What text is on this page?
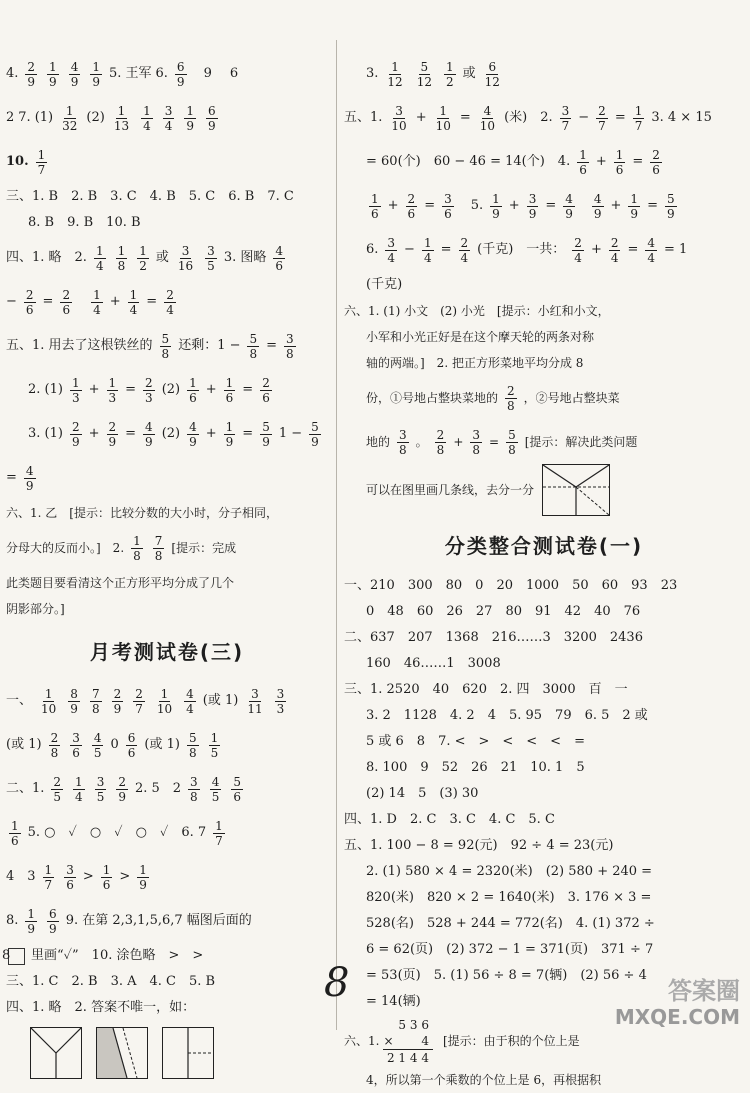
4. $\frac{2}{9} \frac{1}{9} \frac{4}{9} \frac{1}{9} 5$. 王军 6. $\frac{6}{9} 9$ 6
2 7. $(1) \frac{1}{32} (2) \frac{1}{13} \frac{1}{4} \frac{3}{4} \frac{1}{9} \frac{6}{9}$
10. $\frac{1}{7}$
三、1. B　2. B　3. C　4. B　5. C　6. B　7. C
8. B　9. B　10. B
四、1. 略　2. $\frac{1}{4} \frac{1}{8} \frac{1}{2}$ 或 $\frac{3}{16} \frac{3}{5} 3$. 图略 $\frac{4}{6}$
− $\frac{2}{6} = \frac{2}{6} \frac{1}{4} + \frac{1}{4} = \frac{2}{4}$
五、1. 用去了这根铁丝的 $\frac{5}{8}$ 还剩：$1 - \frac{5}{8} = \frac{3}{8}$
2. $(1) \frac{1}{3} + \frac{1}{3} = \frac{2}{3} (2) \frac{1}{6} + \frac{1}{6} = \frac{2}{6}$
3. $(1) \frac{2}{9} + \frac{2}{9} = \frac{4}{9} (2) \frac{4}{9} + \frac{1}{9} = \frac{5}{9} 1 - \frac{5}{9}$
= $\frac{4}{9}$
六、1. 乙　[提示：比较分数的大小时，分子相同，
分母大的反而小。]　2. $\frac{1}{8} \frac{7}{8}$ [提示：完成
此类题目要看清这个正方形平均分成了几个
阴影部分。]
月考测试卷(三)
一、 $\frac{1}{10} \frac{8}{9} \frac{7}{8} \frac{2}{9} \frac{2}{7} \frac{1}{10} \frac{4}{4}$ (或 $1) \frac{3}{11} \frac{3}{3}$
(或 $1) \frac{2}{8} \frac{3}{6} \frac{4}{5} 0 \frac{6}{6}$ (或 $1) \frac{5}{8} \frac{1}{5}$
二、1. $\frac{2}{5} \frac{1}{4} \frac{3}{5} \frac{2}{9} 2$. 5　$2 \frac{3}{8} \frac{4}{5} \frac{5}{6}$
$\frac{1}{6} 5$. ○　✓　○　✓　○　✓　6. $7 \frac{1}{7}$
4　$3 \frac{1}{7} \frac{3}{6} > \frac{1}{6} > \frac{1}{9}$
8. $\frac{1}{9} \frac{6}{9} 9$. 在第 2,3,1,5,6,7 幅图后面的
里画“✓”　10. 涂色略　>　>
三、1. C　2. B　3. A　4. C　5. B
四、1. 略　2. 答案不唯一，如：
3. $\frac{1}{12} \frac{5}{12} \frac{1}{2}$ 或 $\frac{6}{12}$
五、1. $\frac{3}{10} + \frac{1}{10} = \frac{4}{10}$ (米)　2. $\frac{3}{7} - \frac{2}{7} = \frac{1}{7} 3$. 4 × 15
= 60(个)　60 − 46 = 14(个)　4. $\frac{1}{6} + \frac{1}{6} = \frac{2}{6}$
$\frac{1}{6} + \frac{2}{6} = \frac{3}{6} 5$. $\frac{1}{9} + \frac{3}{9} = \frac{4}{9} \frac{4}{9} + \frac{1}{9} = \frac{5}{9}$
6. $\frac{3}{4} - \frac{1}{4} = \frac{2}{4}$ (千克)　一共： $\frac{2}{4} + \frac{2}{4} = \frac{4}{4} = 1$
(千克)
六、1. (1) 小文　(2) 小光　[提示：小红和小文，
小军和小光正好是在这个摩天轮的两条对称
轴的两端。]　2. 把正方形菜地平均分成 8
份，①号地占整块菜地的 $\frac{2}{8}$ ，②号地占整块菜
地的 $\frac{3}{8}$ 。 $\frac{2}{8} + \frac{3}{8} = \frac{5}{8}$ [提示：解决此类问题
可以在图里画几条线，去分一分
分类整合测试卷(一)
一、210　300　80　0　20　1000　50　60　93　23
0　48　60　26　27　80　91　42　40　76
二、637　207　1368　216……3　3200　2436
160　46……1　3008
三、1. 2520　40　620　2. 四　3000　百　一
3. 2　1128　4. 2　4　5. 95　79　6. 5　2 或
5 或 6　8　7. <　>　<　<　<　=
8. 100　9　52　26　21　10. 1　5
(2) 14　5　(3) 30
四、1. D　2. C　3. C　4. C　5. C
五、1. 100 − 8 = 92(元)　92 ÷ 4 = 23(元)
2. (1) 580 × 4 = 2320(米)　(2) 580 + 240 =
820(米)　820 × 2 = 1640(米)　3. 176 × 3 =
528(名)　528 + 244 = 772(名)　4. (1) 372 ÷
6 = 62(页)　(2) 372 − 1 = 371(页)　371 ÷ 7
= 53(页)　5. (1) 56 ÷ 8 = 7(辆)　(2) 56 ÷ 4
= 14(辆)
六、1.
5 3 6
× 　　4
2 1 4 4
[提示：由于积的个位上是
4，所以第一个乘数的个位上是 6，再根据积
8
8	答案圈
MXQE.COM
